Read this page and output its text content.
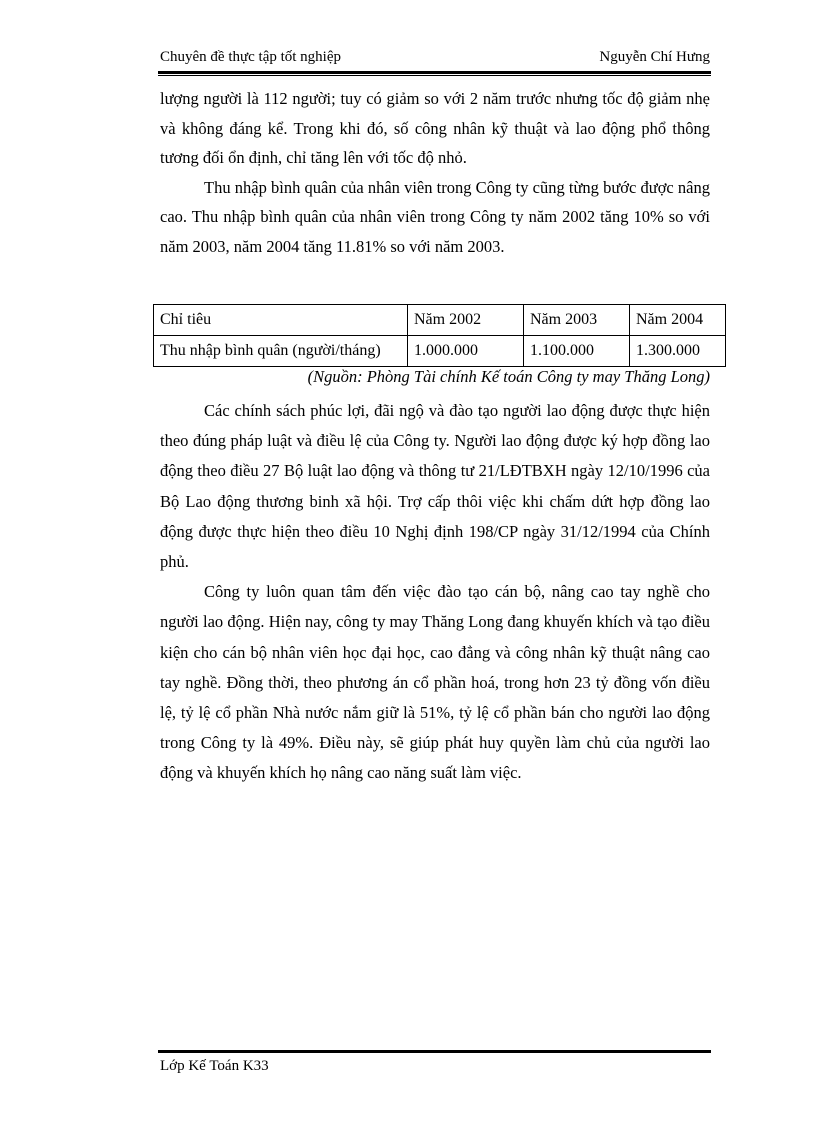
Chuyên đề thực tập tốt nghiệp	Nguyễn Chí Hưng

lượng người là 112 người; tuy có giảm so với 2 năm trước nhưng tốc độ giảm nhẹ và không đáng kể. Trong khi đó, số công nhân kỹ thuật và lao động phổ thông tương đối ổn định, chỉ tăng lên với tốc độ nhỏ.

Thu nhập bình quân của nhân viên trong Công ty cũng từng bước được nâng cao. Thu nhập bình quân của nhân viên trong Công ty năm 2002 tăng 10% so với năm 2003, năm 2004 tăng 11.81% so với năm 2003.

Chỉ tiêu	Năm 2002	Năm 2003	Năm 2004
Thu nhập bình quân (người/tháng)	1.000.000	1.100.000	1.300.000
(Nguồn: Phòng Tài chính Kế toán Công ty may Thăng Long)

Các chính sách phúc lợi, đãi ngộ và đào tạo người lao động được thực hiện theo đúng pháp luật và điều lệ của Công ty. Người lao động được ký hợp đồng lao động theo điều 27 Bộ luật lao động và thông tư 21/LĐTBXH ngày 12/10/1996 của Bộ Lao động thương binh xã hội. Trợ cấp thôi việc khi chấm dứt hợp đồng lao động được thực hiện theo điều 10 Nghị định 198/CP ngày 31/12/1994 của Chính phủ.

Công ty luôn quan tâm đến việc đào tạo cán bộ, nâng cao tay nghề cho người lao động. Hiện nay, công ty may Thăng Long đang khuyến khích và tạo điều kiện cho cán bộ nhân viên học đại học, cao đẳng và công nhân kỹ thuật nâng cao tay nghề. Đồng thời, theo phương án cổ phần hoá, trong hơn 23 tỷ đồng vốn điều lệ, tỷ lệ cổ phần Nhà nước nắm giữ là 51%, tỷ lệ cổ phần bán cho người lao động trong Công ty là 49%. Điều này, sẽ giúp phát huy quyền làm chủ của người lao động và khuyến khích họ nâng cao năng suất làm việc.

Lớp Kế Toán K33
